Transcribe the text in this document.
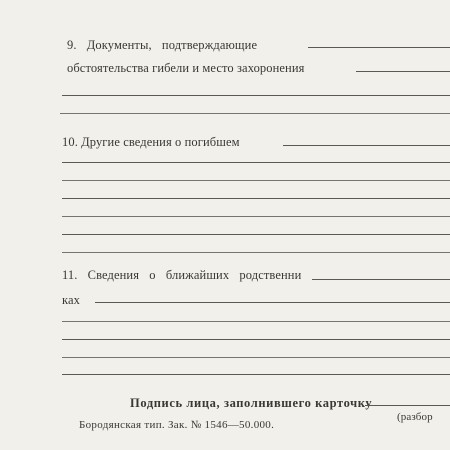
9. Документы, подтверждающие
обстоятельства гибели и место захоронения
10. Другие сведения о погибшем
11. Сведения о ближайших родственни
ках
Подпись лица, заполнившего карточку
(разбор
Бородянская тип. Зак. № 1546—50.000.
